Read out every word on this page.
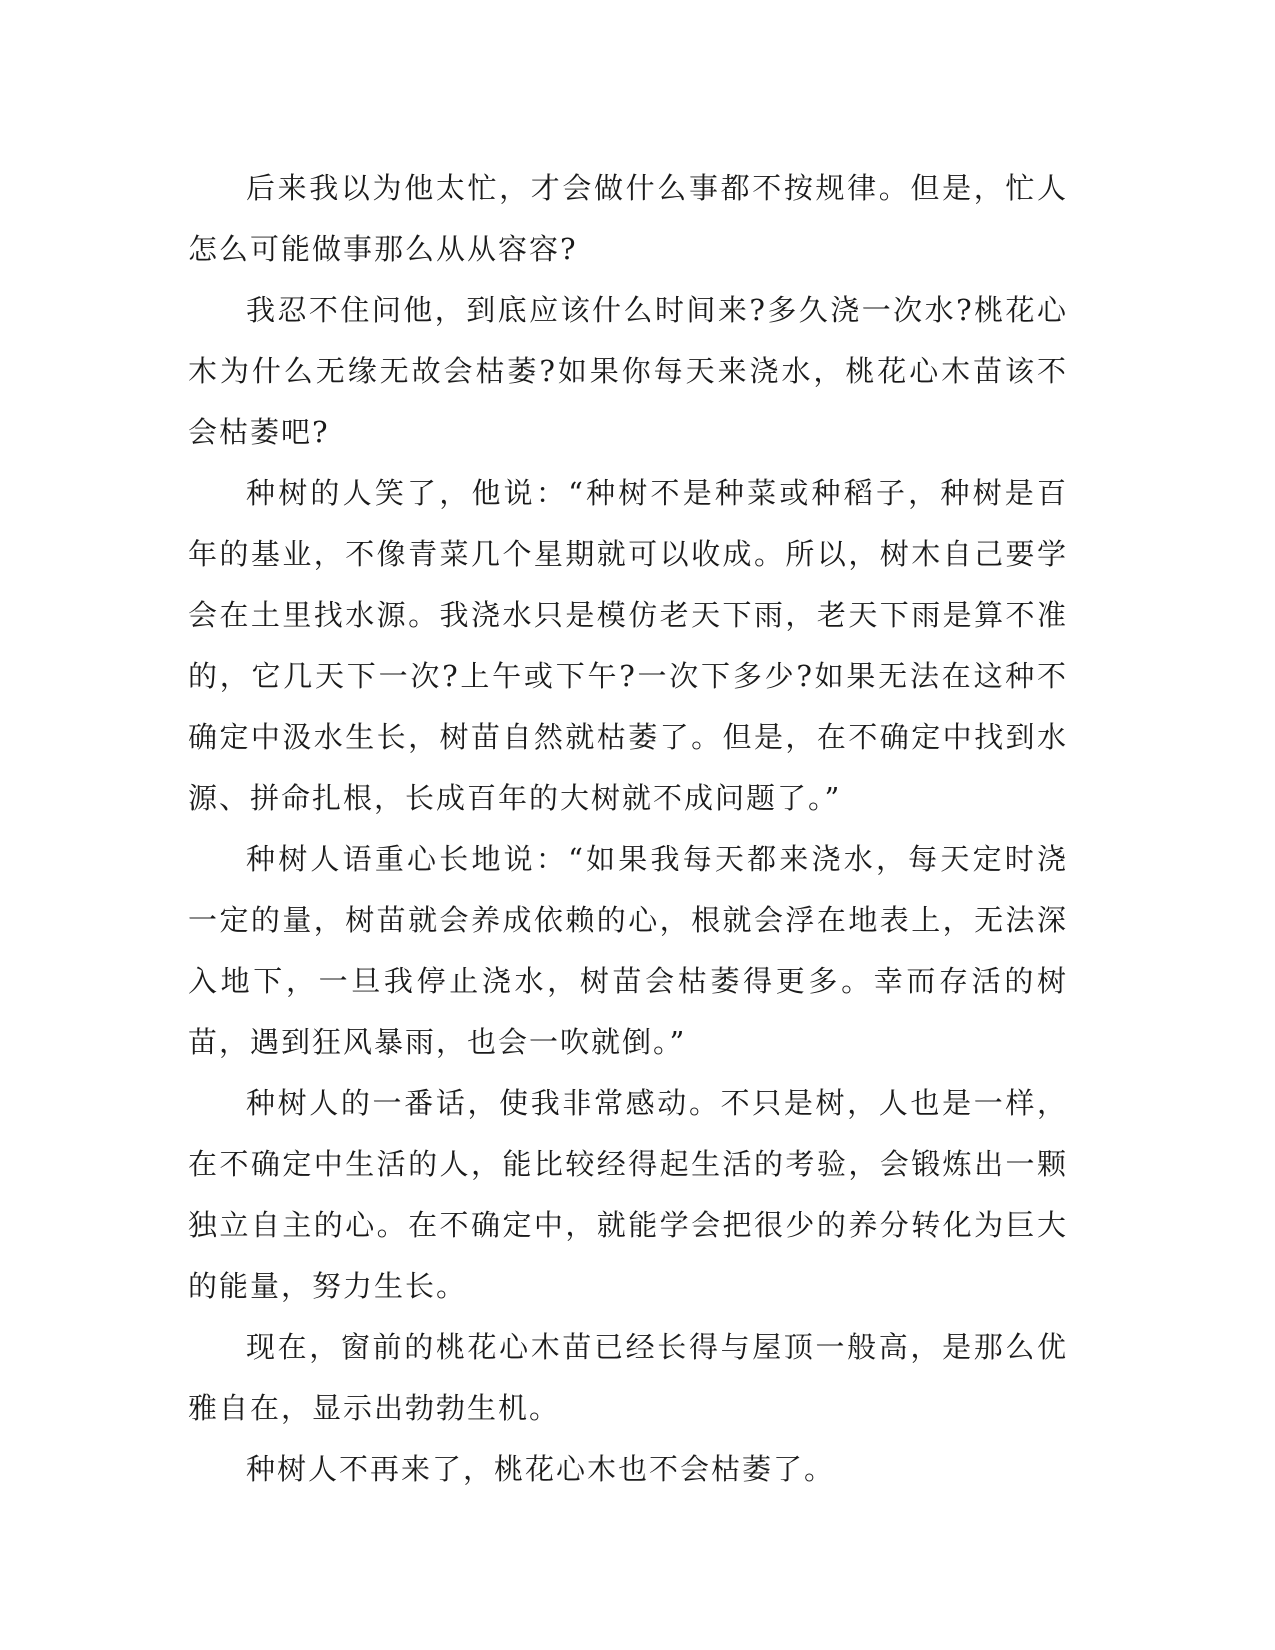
后来我以为他太忙，才会做什么事都不按规律。但是，忙人怎么可能做事那么从从容容?

我忍不住问他，到底应该什么时间来?多久浇一次水?桃花心木为什么无缘无故会枯萎?如果你每天来浇水，桃花心木苗该不会枯萎吧?

种树的人笑了，他说：“种树不是种菜或种稻子，种树是百年的基业，不像青菜几个星期就可以收成。所以，树木自己要学会在土里找水源。我浇水只是模仿老天下雨，老天下雨是算不准的，它几天下一次?上午或下午?一次下多少?如果无法在这种不确定中汲水生长，树苗自然就枯萎了。但是，在不确定中找到水源、拼命扎根，长成百年的大树就不成问题了。”

种树人语重心长地说：“如果我每天都来浇水，每天定时浇一定的量，树苗就会养成依赖的心，根就会浮在地表上，无法深入地下，一旦我停止浇水，树苗会枯萎得更多。幸而存活的树苗，遇到狂风暴雨，也会一吹就倒。”

种树人的一番话，使我非常感动。不只是树，人也是一样，在不确定中生活的人，能比较经得起生活的考验，会锻炼出一颗独立自主的心。在不确定中，就能学会把很少的养分转化为巨大的能量，努力生长。

现在，窗前的桃花心木苗已经长得与屋顶一般高，是那么优雅自在，显示出勃勃生机。

种树人不再来了，桃花心木也不会枯萎了。
